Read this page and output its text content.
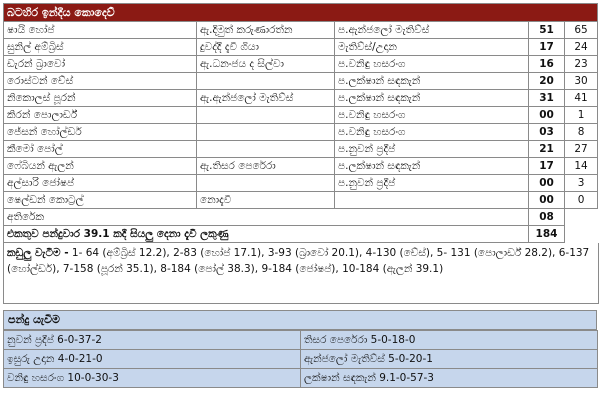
බටහිර ඉන්දීය කොදෙව්				
ෂායි හෝප්	ඇ.දිමුත් කරුණාරත්න	ප.ඇන්ජලෝ මැතිව්ස්	51	65
සුනිල් අම්බ්‍රිස්	දුවද්දී දැවී ගියා	මැතිව්ස්/උදාන	17	24
ඩැරන් බ්‍රාවෝ	ඇ.ධනංජය ද සිල්වා	ප.වනිඳු හසරංග	16	23
රොස්ටන් චේස්		ප.ලක්ෂාන් සඳකැන්	20	30
නිකොලස් පූරන්	ඇ.ඇන්ජලෝ මැතිව්ස්	ප.ලක්ෂාන් සඳකැන්	31	41
කිරන් පොලාර්ඩ්		ප.වනිඳු හසරංග	00	1
ජේසන් හෝල්ඩර්		ප.වනිඳු හසරංග	03	8
කීමෝ පෝල්		ප.නුවන් ප්‍රදීප්	21	27
ෆේබියන් ඇලන්	ඇ.තිසර පෙරේරා	ප.ලක්ෂාන් සඳකැන්	17	14
අල්සාරි ජෝෂප්		ප.නුවන් ප්‍රදීප්	00	3
ෂෙල්ඩන් කොට්‍රල්	නොදැවී		00	0
අතිරේක			08	
එකතුව පන්දුවාර 39.1 කදී සියලු දෙනා දැවී ලකුණු			184	
කඩුලු වැටීම - 1- 64 (අම්බ්‍රිස් 12.2), 2-83 (හෝප් 17.1), 3-93 (බ්‍රාවෝ 20.1), 4-130 (චේස්), 5- 131 (පොලාර්ඩ් 28.2), 6-137 (හෝල්ඩර්), 7-158 (පූරන් 35.1), 8-184 (පෝල් 38.3), 9-184 (ජෝෂප්), 10-184 (ඇලන් 39.1)
පන්දු යැවීම
නුවන් ප්‍රදීප් 6-0-37-2	තිසර පෙරේරා 5-0-18-0
ඉසුරු උදාන 4-0-21-0	ඇන්ජලෝ මැතිව්ස් 5-0-20-1
වනිඳු හසරංග 10-0-30-3	ලක්ෂාන් සඳකැන් 9.1-0-57-3
